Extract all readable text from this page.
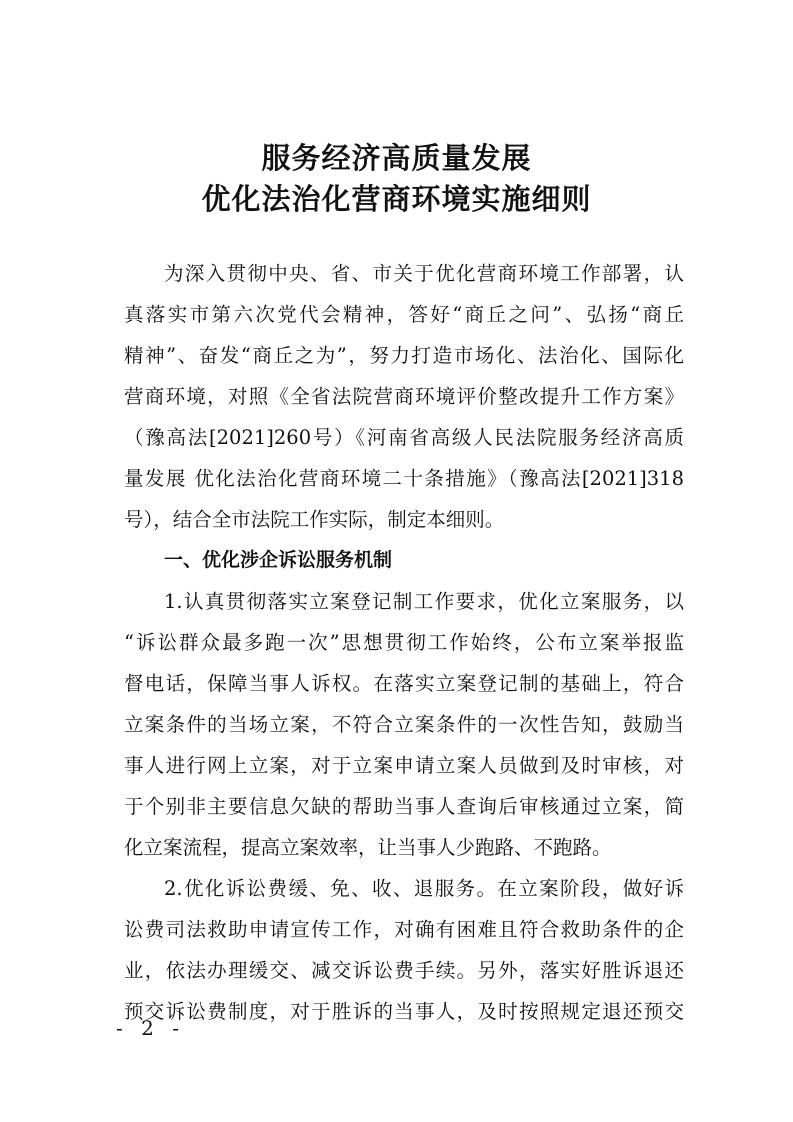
服务经济高质量发展
优化法治化营商环境实施细则
为深入贯彻中央、省、市关于优化营商环境工作部署，认
真落实市第六次党代会精神，答好“商丘之问”、弘扬“商丘
精神”、奋发“商丘之为”，努力打造市场化、法治化、国际化
营商环境，对照《全省法院营商环境评价整改提升工作方案》
（豫高法[2021]260号）《河南省高级人民法院服务经济高质
量发展 优化法治化营商环境二十条措施》（豫高法[2021]318
号），结合全市法院工作实际，制定本细则。
一、优化涉企诉讼服务机制
1.认真贯彻落实立案登记制工作要求，优化立案服务，以
“诉讼群众最多跑一次”思想贯彻工作始终，公布立案举报监
督电话，保障当事人诉权。在落实立案登记制的基础上，符合
立案条件的当场立案，不符合立案条件的一次性告知，鼓励当
事人进行网上立案，对于立案申请立案人员做到及时审核，对
于个别非主要信息欠缺的帮助当事人查询后审核通过立案，简
化立案流程，提高立案效率，让当事人少跑路、不跑路。
2.优化诉讼费缓、免、收、退服务。在立案阶段，做好诉
讼费司法救助申请宣传工作，对确有困难且符合救助条件的企
业，依法办理缓交、减交诉讼费手续。另外，落实好胜诉退还
预交诉讼费制度，对于胜诉的当事人，及时按照规定退还预交
- 2 -
